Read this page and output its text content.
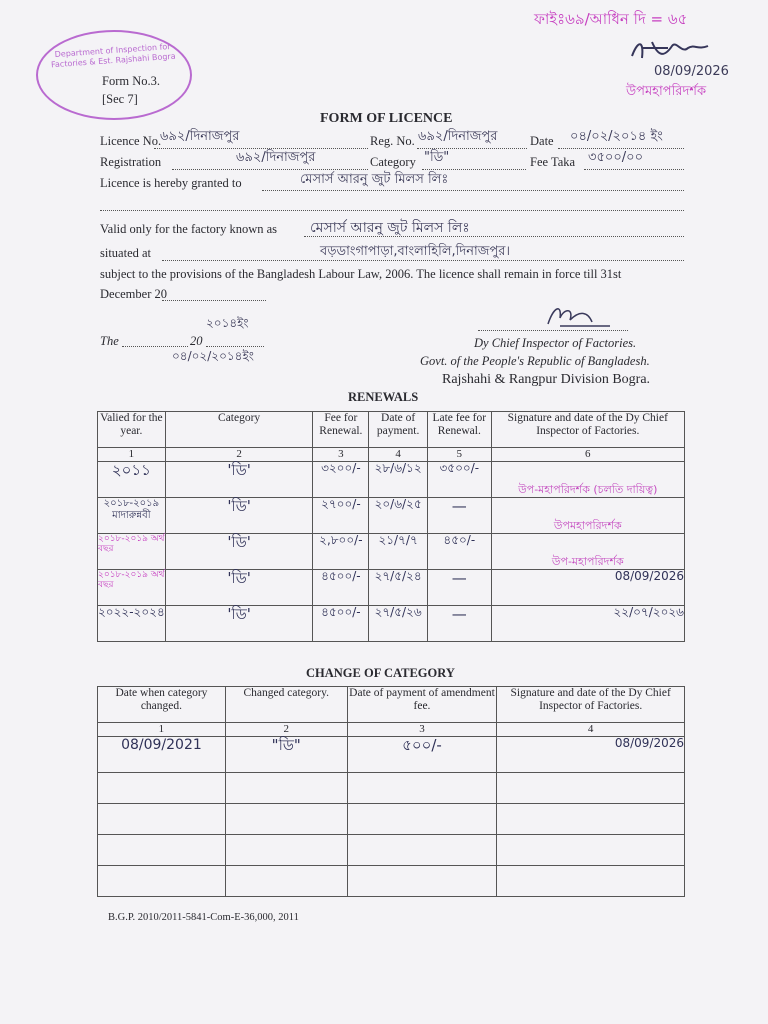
ফাইঃ৬৯/আধিন দি = ৬৫
08/09/2026
উপমহাপরিদর্শক
Department of Inspection for Factories & Est. Rajshahi Bogra
Form No.3.
[Sec 7]
FORM OF LICENCE
Licence No.
৬৯২/দিনাজপুর	Reg. No. ৬৯২/দিনাজপুর	Date ০৪/০২/২০১৪ ইং
Registration	৬৯২/দিনাজপুর	Category "ডি"	Fee Taka ৩৫০০/০০
Licence is hereby granted to	মেসার্স আরনু জুট মিলস লিঃ
Valid only for the factory known as মেসার্স আরনু জুট মিলস লিঃ
situated at	বড়ডাংগাপাড়া,বাংলাহিলি,দিনাজপুর।
subject to the provisions of the Bangladesh Labour Law, 2006. The licence shall remain in force till 31st
December 20
২০১৪ইং
The	20
০৪/০২/২০১৪ইং
Dy Chief Inspector of Factories.
Govt. of the People's Republic of Bangladesh.
Rajshahi & Rangpur Division Bogra.
RENEWALS
Valied for the year.	Category	Fee for Renewal.	Date of payment.	Late fee for Renewal.	Signature and date of the Dy Chief Inspector of Factories.
1	2	3	4	5	6
২০১১	'ডি'	৩২০০/-	২৮/৬/১২	৩৫০০/-	উপ-মহাপরিদর্শক (চলতি দায়িত্ব)
২০১৮-২০১৯ মাদারুন্নবী	'ডি'	২৭০০/-	২০/৬/২৫	—	উপমহাপরিদর্শক
২০১৮-২০১৯ অর্থ বছর	'ডি'	২,৮০০/-	২১/৭/৭	৪৫০/-	উপ-মহাপরিদর্শক
২০১৮-২০১৯ অর্থ বছর	'ডি'	৪৫০০/-	২৭/৫/২৪	—	08/09/2026
২০২২-২০২৪	'ডি'	৪৫০০/-	২৭/৫/২৬	—	২২/০৭/২০২৬
CHANGE OF CATEGORY
Date when category changed.	Changed category.	Date of payment of amendment fee.	Signature and date of the Dy Chief Inspector of Factories.
1	2	3	4
08/09/2021	"ডি"	৫০০/-	08/09/2026

B.G.P. 2010/2011-5841-Com-E-36,000, 2011
